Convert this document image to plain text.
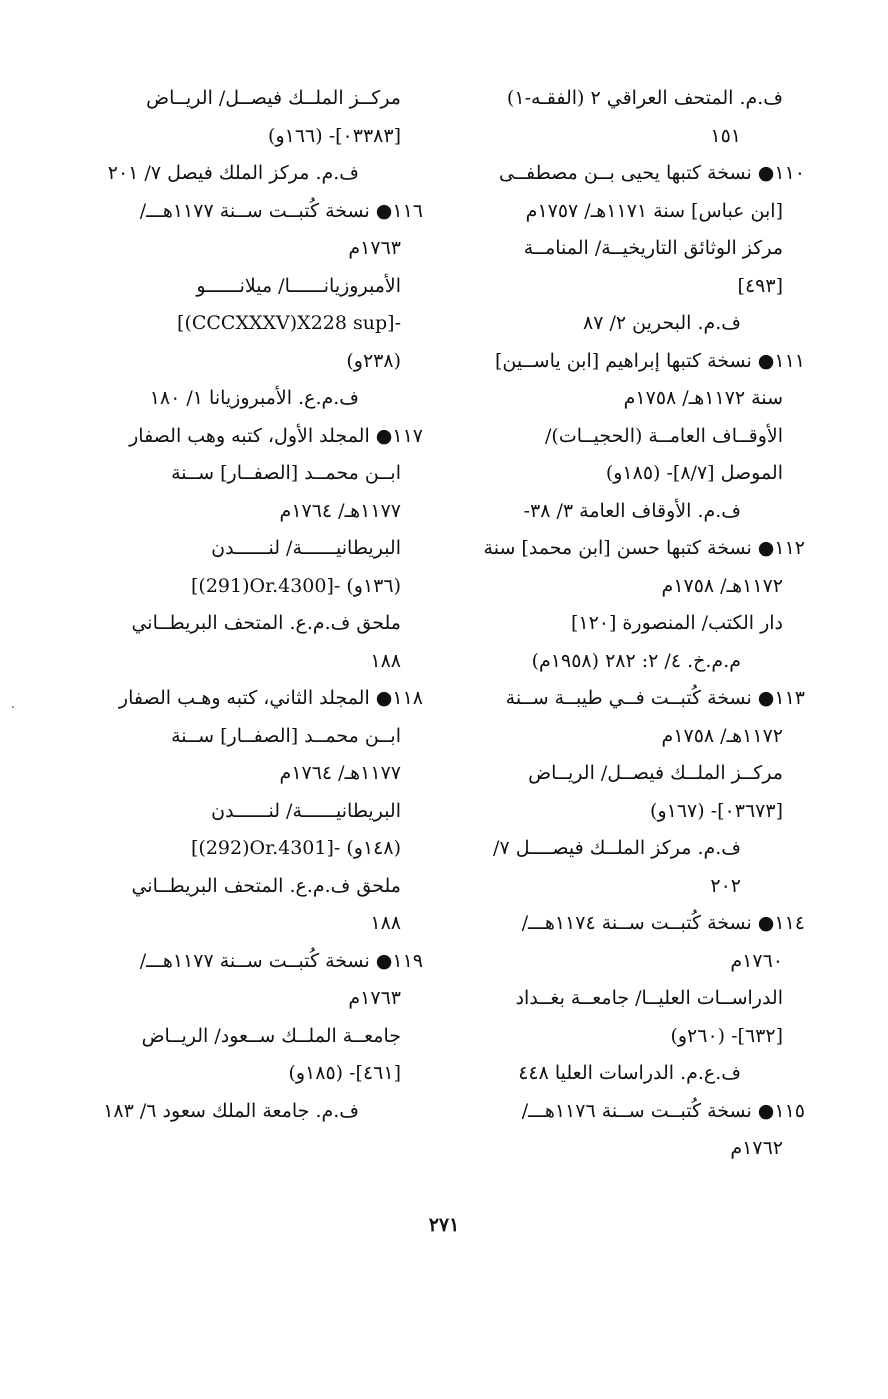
ف.م. المتحف العراقي ٢ (الفقـه-١)
١٥١
١١٠● نسخة كتبها يحيى بــن مصطفــى
[ابن عباس] سنة ١١٧١هـ/ ١٧٥٧م
مركز الوثائق التاريخيــة/ المنامــة
[٤٩٣]
ف.م. البحرين ٢/ ٨٧
١١١● نسخة كتبها إبراهيم [ابن ياســين]
سنة ١١٧٢هـ/ ١٧٥٨م
الأوقــاف العامــة (الحجيــات)/
الموصل [٨/٧]- (١٨٥و)
ف.م. الأوقاف العامة ٣/ ٣٨-
١١٢● نسخة كتبها حسن [ابن محمد] سنة
١١٧٢هـ/ ١٧٥٨م
دار الكتب/ المنصورة [١٢٠]
م.م.خ. ٤/ ٢: ٢٨٢ (١٩٥٨م)
١١٣● نسخة كُتبــت فــي طيبــة ســنة
١١٧٢هـ/ ١٧٥٨م
مركــز الملــك فيصــل/ الريــاض
[٠٣٦٧٣]- (١٦٧و)
ف.م. مركز الملــك فيصــــل ٧/
٢٠٢
١١٤● نسخة كُتبــت ســنة ١١٧٤هـــ/
١٧٦٠م
الدراســات العليــا/ جامعــة بغــداد
[٦٣٢]- (٢٦٠و)
ف.ع.م. الدراسات العليا ٤٤٨
١١٥● نسخة كُتبــت ســنة ١١٧٦هـــ/
١٧٦٢م
مركــز الملــك فيصــل/ الريــاض
[٠٣٣٨٣]- (١٦٦و)
ف.م. مركز الملك فيصل ٧/ ٢٠١
١١٦● نسخة كُتبــت ســنة ١١٧٧هـــ/
١٧٦٣م
الأمبروزيانــــــا/ ميلانــــــو
[(CCCXXXV)X228 sup]-
(٢٣٨و)
ف.م.ع. الأمبروزيانا ١/ ١٨٠
١١٧● المجلد الأول، كتبه وهب الصفار
ابــن محمــد [الصفــار] ســنة
١١٧٧هـ/ ١٧٦٤م
البريطانيــــــة/ لنــــــدن
[(291)Or.4300]- (١٣٦و)
ملحق ف.م.ع. المتحف البريطــاني
١٨٨
١١٨● المجلد الثاني، كتبه وهـب الصفار
ابــن محمــد [الصفــار] ســنة
١١٧٧هـ/ ١٧٦٤م
البريطانيــــــة/ لنــــــدن
[(292)Or.4301]- (١٤٨و)
ملحق ف.م.ع. المتحف البريطــاني
١٨٨
١١٩● نسخة كُتبــت ســنة ١١٧٧هـــ/
١٧٦٣م
جامعــة الملــك ســعود/ الريــاض
[٤٦١]- (١٨٥و)
ف.م. جامعة الملك سعود ٦/ ١٨٣
٢٧١
